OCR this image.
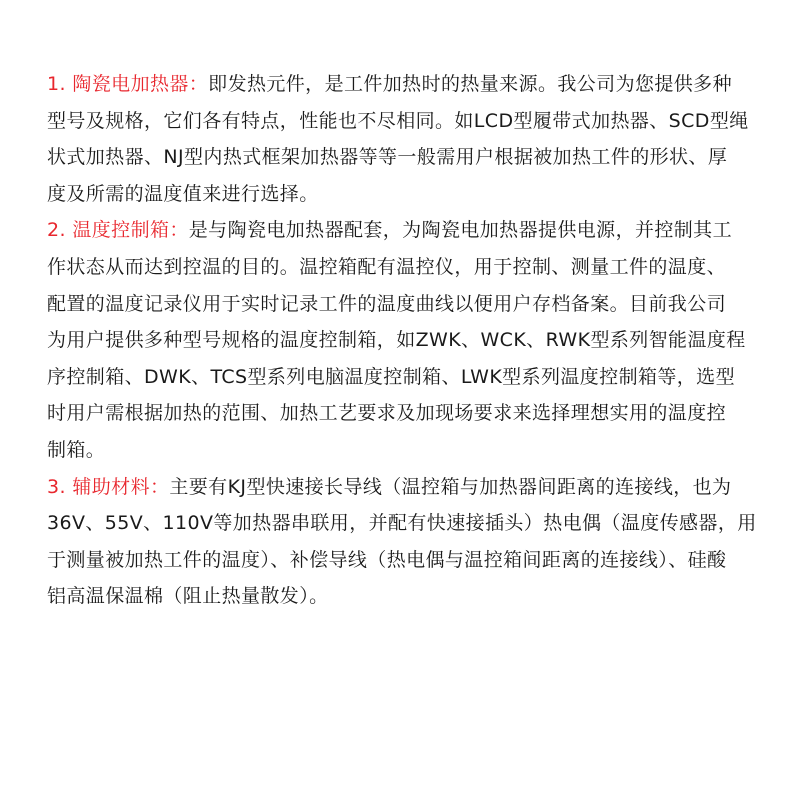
1. 陶瓷电加热器：即发热元件，是工件加热时的热量来源。我公司为您提供多种

型号及规格，它们各有特点，性能也不尽相同。如LCD型履带式加热器、SCD型绳

状式加热器、NJ型内热式框架加热器等等一般需用户根据被加热工件的形状、厚

度及所需的温度值来进行选择。

2. 温度控制箱：是与陶瓷电加热器配套，为陶瓷电加热器提供电源，并控制其工

作状态从而达到控温的目的。温控箱配有温控仪，用于控制、测量工件的温度、

配置的温度记录仪用于实时记录工件的温度曲线以便用户存档备案。目前我公司

为用户提供多种型号规格的温度控制箱，如ZWK、WCK、RWK型系列智能温度程

序控制箱、DWK、TCS型系列电脑温度控制箱、LWK型系列温度控制箱等，选型

时用户需根据加热的范围、加热工艺要求及加现场要求来选择理想实用的温度控

制箱。

3. 辅助材料：主要有KJ型快速接长导线（温控箱与加热器间距离的连接线，也为

36V、55V、110V等加热器串联用，并配有快速接插头）热电偶（温度传感器，用

于测量被加热工件的温度）、补偿导线（热电偶与温控箱间距离的连接线）、硅酸

铝高温保温棉（阻止热量散发）。
